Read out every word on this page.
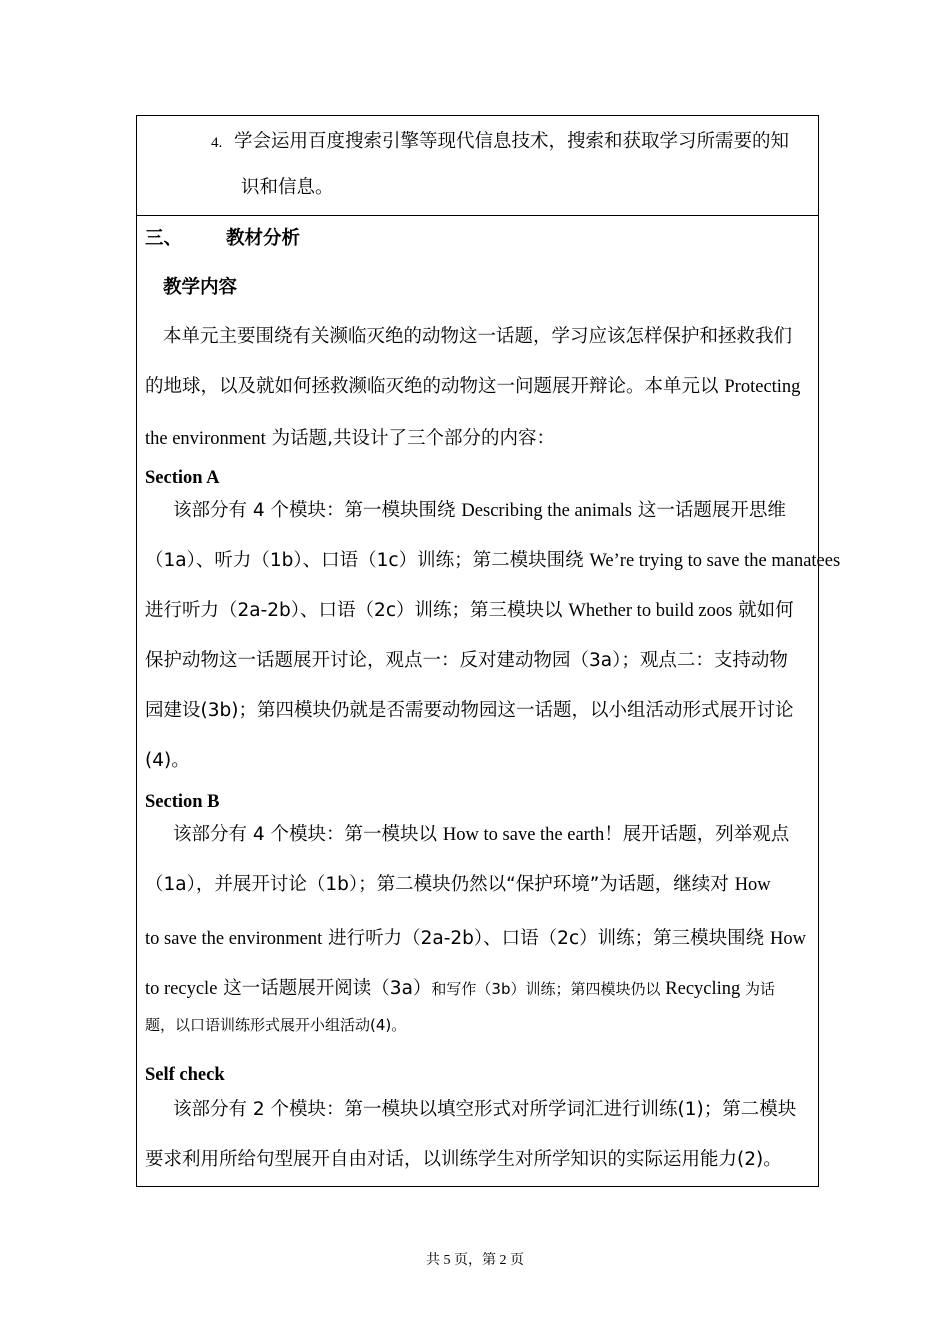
4. 学会运用百度搜索引擎等现代信息技术，搜索和获取学习所需要的知
识和信息。
三、 教材分析
教学内容
本单元主要围绕有关濒临灭绝的动物这一话题，学习应该怎样保护和拯救我们
的地球，以及就如何拯救濒临灭绝的动物这一问题展开辩论。本单元以 Protecting
the environment 为话题,共设计了三个部分的内容：
Section A
该部分有 4 个模块：第一模块围绕 Describing the animals 这一话题展开思维
（1a）、听力（1b）、口语（1c）训练；第二模块围绕 We’re trying to save the manatees
进行听力（2a-2b）、口语（2c）训练；第三模块以 Whether to build zoos 就如何
保护动物这一话题展开讨论，观点一：反对建动物园（3a）；观点二：支持动物
园建设(3b)；第四模块仍就是否需要动物园这一话题，以小组活动形式展开讨论
(4)。
Section B
该部分有 4 个模块：第一模块以 How to save the earth！展开话题，列举观点
（1a），并展开讨论（1b）；第二模块仍然以“保护环境”为话题，继续对 How
to save the environment 进行听力（2a-2b）、口语（2c）训练；第三模块围绕 How
to recycle 这一话题展开阅读（3a）和写作（3b）训练；第四模块仍以 Recycling 为话
题，以口语训练形式展开小组活动(4)。
Self check
该部分有 2 个模块：第一模块以填空形式对所学词汇进行训练(1)；第二模块
要求利用所给句型展开自由对话，以训练学生对所学知识的实际运用能力(2)。
共 5 页，第 2 页
